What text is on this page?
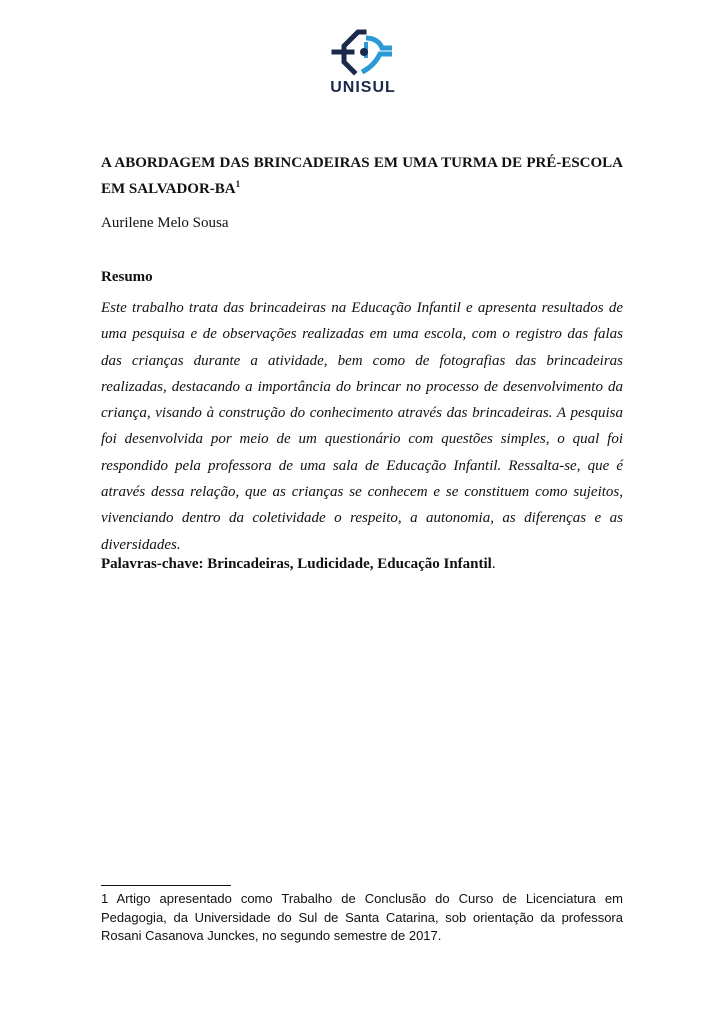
UNISUL
A ABORDAGEM DAS BRINCADEIRAS EM UMA TURMA DE PRÉ-ESCOLA EM SALVADOR-$BA^1$
Aurilene Melo Sousa
Resumo

Este trabalho trata das brincadeiras na Educação Infantil e apresenta resultados de uma pesquisa e de observações realizadas em uma escola, com o registro das falas das crianças durante a atividade, bem como de fotografias das brincadeiras realizadas, destacando a importância do brincar no processo de desenvolvimento da criança, visando à construção do conhecimento através das brincadeiras. A pesquisa foi desenvolvida por meio de um questionário com questões simples, o qual foi respondido pela professora de uma sala de Educação Infantil. Ressalta-se, que é através dessa relação, que as crianças se conhecem e se constituem como sujeitos, vivenciando dentro da coletividade o respeito, a autonomia, as diferenças e as diversidades.

Palavras-chave: Brincadeiras, Ludicidade, Educação Infantil.

1 Artigo apresentado como Trabalho de Conclusão do Curso de Licenciatura em Pedagogia, da Universidade do Sul de Santa Catarina, sob orientação da professora Rosani Casanova Junckes, no segundo semestre de 2017.
